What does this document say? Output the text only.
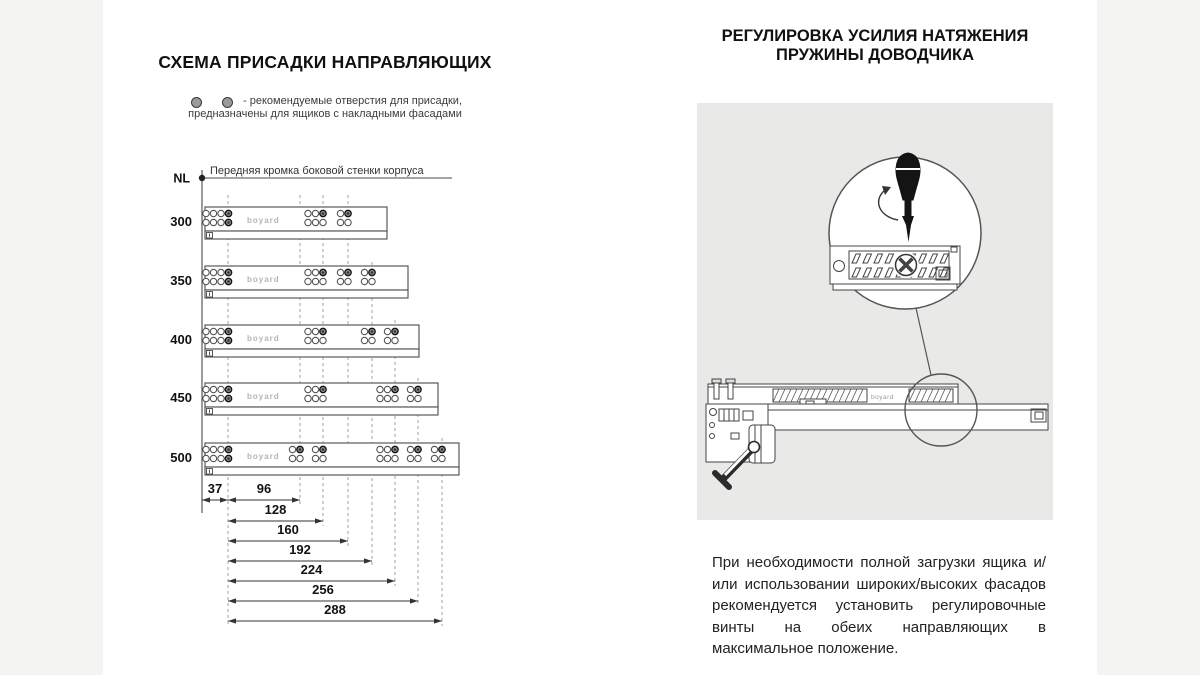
СХЕМА ПРИСАДКИ НАПРАВЛЯЮЩИХ
- рекомендуемые отверстия для присадки,
предназначены для ящиков с накладными фасадами
NL
Передняя кромка боковой стенки корпуса
300	boyard
350	boyard
400	boyard
450	boyard
500	boyard
37	96
128
160
192
224
256
288
РЕГУЛИРОВКА УСИЛИЯ НАТЯЖЕНИЯ
ПРУЖИНЫ ДОВОДЧИКА
boyard
При необходимости полной загрузки ящика и/или использовании широких/высоких фасадов рекомендуется установить регулировочные винты на обеих направляющих в максимальное положение.
